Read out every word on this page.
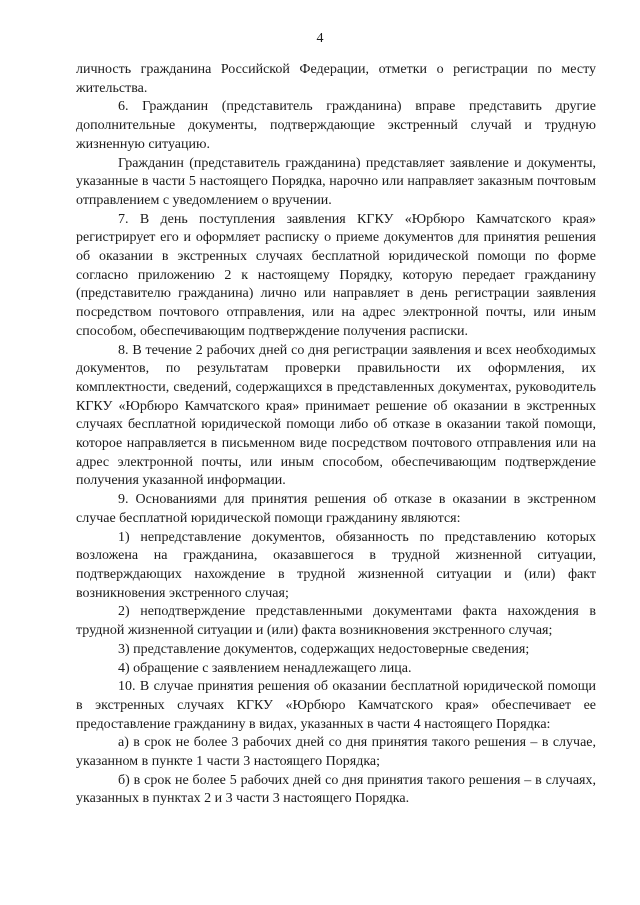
4

личность гражданина Российской Федерации, отметки о регистрации по месту жительства.

6. Гражданин (представитель гражданина) вправе представить другие дополнительные документы, подтверждающие экстренный случай и трудную жизненную ситуацию.

Гражданин (представитель гражданина) представляет заявление и документы, указанные в части 5 настоящего Порядка, нарочно или направляет заказным почтовым отправлением с уведомлением о вручении.

7. В день поступления заявления КГКУ «Юрбюро Камчатского края» регистрирует его и оформляет расписку о приеме документов для принятия решения об оказании в экстренных случаях бесплатной юридической помощи по форме согласно приложению 2 к настоящему Порядку, которую передает гражданину (представителю гражданина) лично или направляет в день регистрации заявления посредством почтового отправления, или на адрес электронной почты, или иным способом, обеспечивающим подтверждение получения расписки.

8. В течение 2 рабочих дней со дня регистрации заявления и всех необходимых документов, по результатам проверки правильности их оформления, их комплектности, сведений, содержащихся в представленных документах, руководитель КГКУ «Юрбюро Камчатского края» принимает решение об оказании в экстренных случаях бесплатной юридической помощи либо об отказе в оказании такой помощи, которое направляется в письменном виде посредством почтового отправления или на адрес электронной почты, или иным способом, обеспечивающим подтверждение получения указанной информации.

9. Основаниями для принятия решения об отказе в оказании в экстренном случае бесплатной юридической помощи гражданину являются:

1) непредставление документов, обязанность по представлению которых возложена на гражданина, оказавшегося в трудной жизненной ситуации, подтверждающих нахождение в трудной жизненной ситуации и (или) факт возникновения экстренного случая;

2) неподтверждение представленными документами факта нахождения в трудной жизненной ситуации и (или) факта возникновения экстренного случая;

3) представление документов, содержащих недостоверные сведения;

4) обращение с заявлением ненадлежащего лица.

10. В случае принятия решения об оказании бесплатной юридической помощи в экстренных случаях КГКУ «Юрбюро Камчатского края» обеспечивает ее предоставление гражданину в видах, указанных в части 4 настоящего Порядка:

а) в срок не более 3 рабочих дней со дня принятия такого решения – в случае, указанном в пункте 1 части 3 настоящего Порядка;

б) в срок не более 5 рабочих дней со дня принятия такого решения – в случаях, указанных в пунктах 2 и 3 части 3 настоящего Порядка.
